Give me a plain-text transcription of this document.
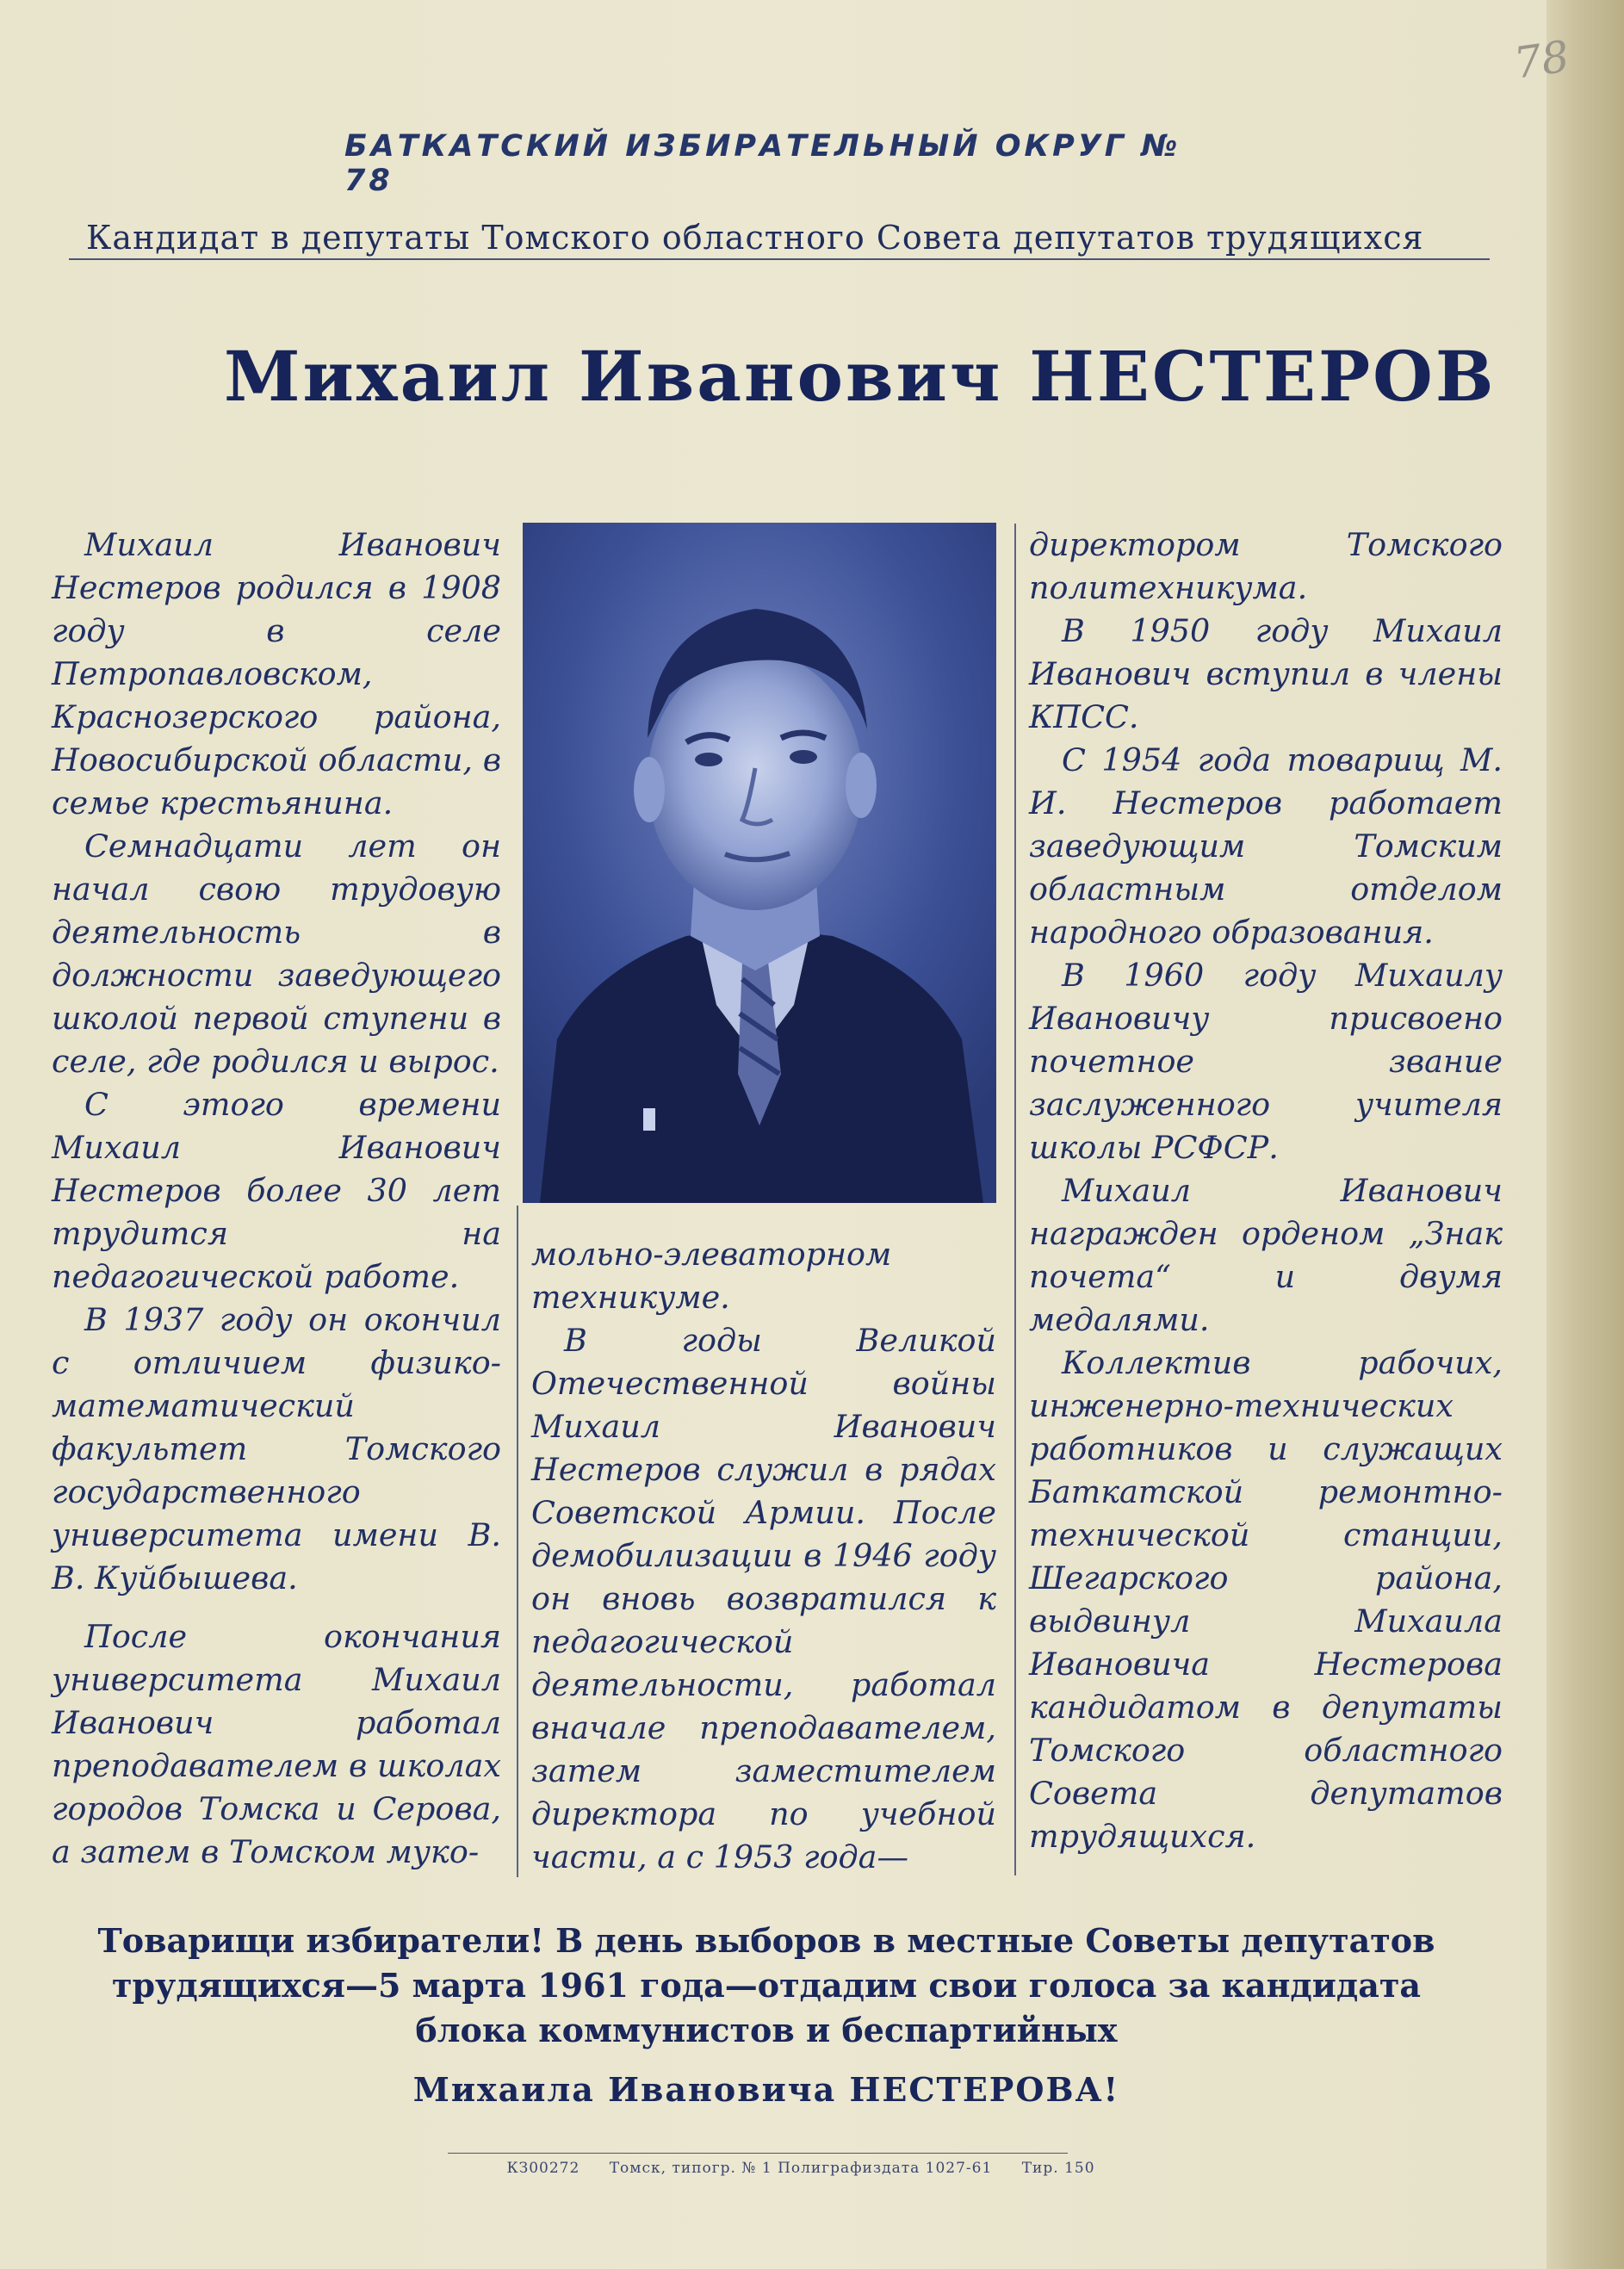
78
БАТКАТСКИЙ ИЗБИРАТЕЛЬНЫЙ ОКРУГ № 78
Кандидат в депутаты Томского областного Совета депутатов трудящихся
Михаил Иванович НЕСТЕРОВ

Михаил Иванович Нестеров родился в 1908 году в селе Петропавловском, Краснозерского района, Новосибирской области, в семье крестьянина.

Семнадцати лет он начал свою трудовую деятельность в должности заведующего школой первой ступени в селе, где родился и вырос.

С этого времени Михаил Иванович Нестеров более 30 лет трудится на педагогической работе.

В 1937 году он окончил с отличием физико-математический факультет Томского государственного университета имени В. В. Куйбышева.

После окончания университета Михаил Иванович работал преподавателем в школах городов Томска и Серова, а затем в Томском муко-

мольно-элеваторном техникуме.

В годы Великой Отечественной войны Михаил Иванович Нестеров служил в рядах Советской Армии. После демобилизации в 1946 году он вновь возвратился к педагогической деятельности, работал вначале преподавателем, затем заместителем директора по учебной части, а с 1953 года—

директором Томского политехникума.

В 1950 году Михаил Иванович вступил в члены КПСС.

С 1954 года товарищ М. И. Нестеров работает заведующим Томским областным отделом народного образования.

В 1960 году Михаилу Ивановичу присвоено почетное звание заслуженного учителя школы РСФСР.

Михаил Иванович награжден орденом „Знак почета“ и двумя медалями.

Коллектив рабочих, инженерно-технических работников и служащих Баткатской ремонтно-технической станции, Шегарского района, выдвинул Михаила Ивановича Нестерова кандидатом в депутаты Томского областного Совета депутатов трудящихся.

Товарищи избиратели! В день выборов в местные Советы депутатов
трудящихся—5 марта 1961 года—отдадим свои голоса за кандидата
блока коммунистов и беспартийных
Михаила Ивановича НЕСТЕРОВА!
КЗ00272 Томск, типогр. № 1 Полиграфиздата 1027-61 Тир. 150
